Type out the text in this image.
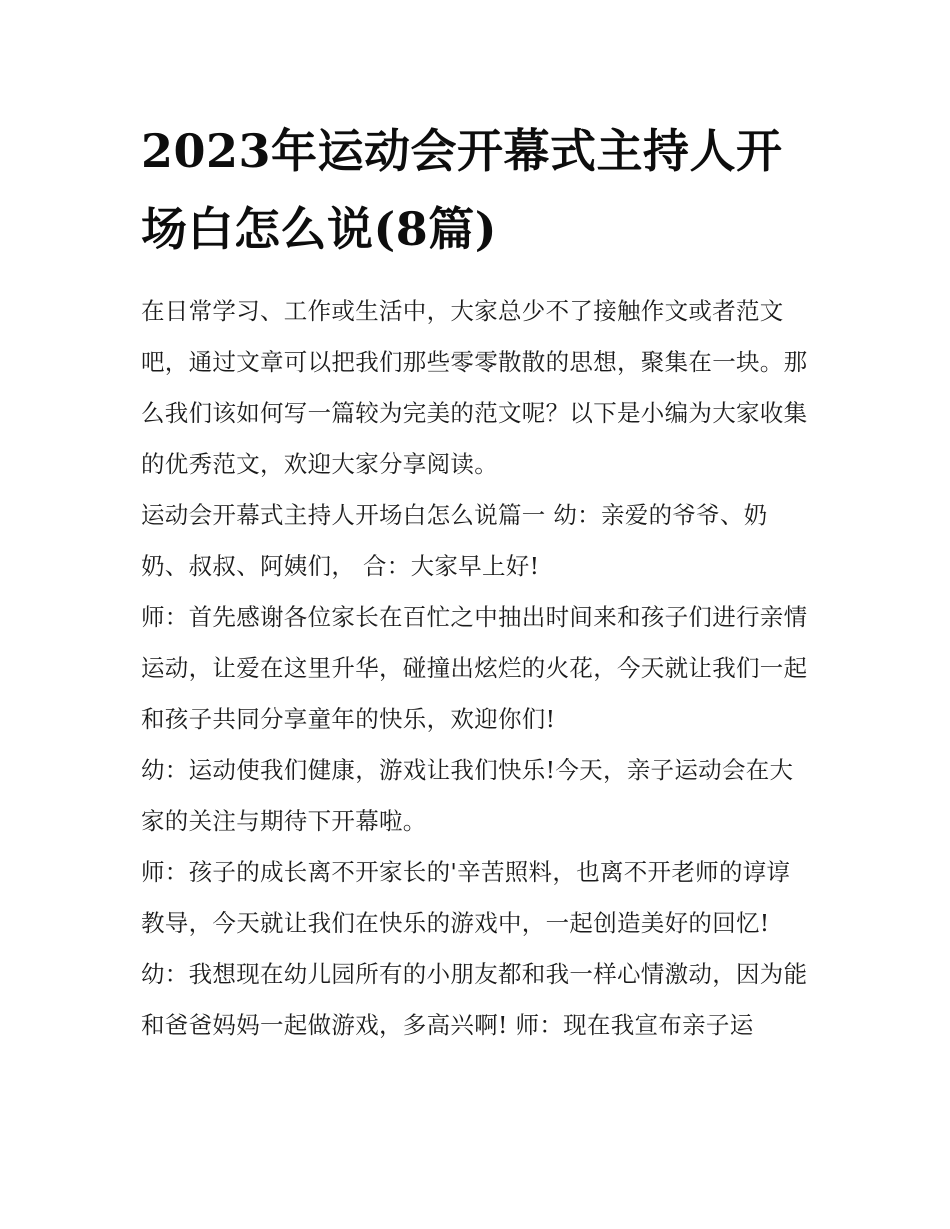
2023年运动会开幕式主持人开场白怎么说(8篇)

在日常学习、工作或生活中，大家总少不了接触作文或者范文吧，通过文章可以把我们那些零零散散的思想，聚集在一块。那么我们该如何写一篇较为完美的范文呢？以下是小编为大家收集的优秀范文，欢迎大家分享阅读。

运动会开幕式主持人开场白怎么说篇一 幼：亲爱的爷爷、奶奶、叔叔、阿姨们， 合：大家早上好!

师：首先感谢各位家长在百忙之中抽出时间来和孩子们进行亲情运动，让爱在这里升华，碰撞出炫烂的火花，今天就让我们一起和孩子共同分享童年的快乐，欢迎你们!

幼：运动使我们健康，游戏让我们快乐!今天，亲子运动会在大家的关注与期待下开幕啦。

师：孩子的成长离不开家长的'辛苦照料，也离不开老师的谆谆教导，今天就让我们在快乐的游戏中，一起创造美好的回忆!

幼：我想现在幼儿园所有的小朋友都和我一样心情激动，因为能和爸爸妈妈一起做游戏，多高兴啊! 师：现在我宣布亲子运
